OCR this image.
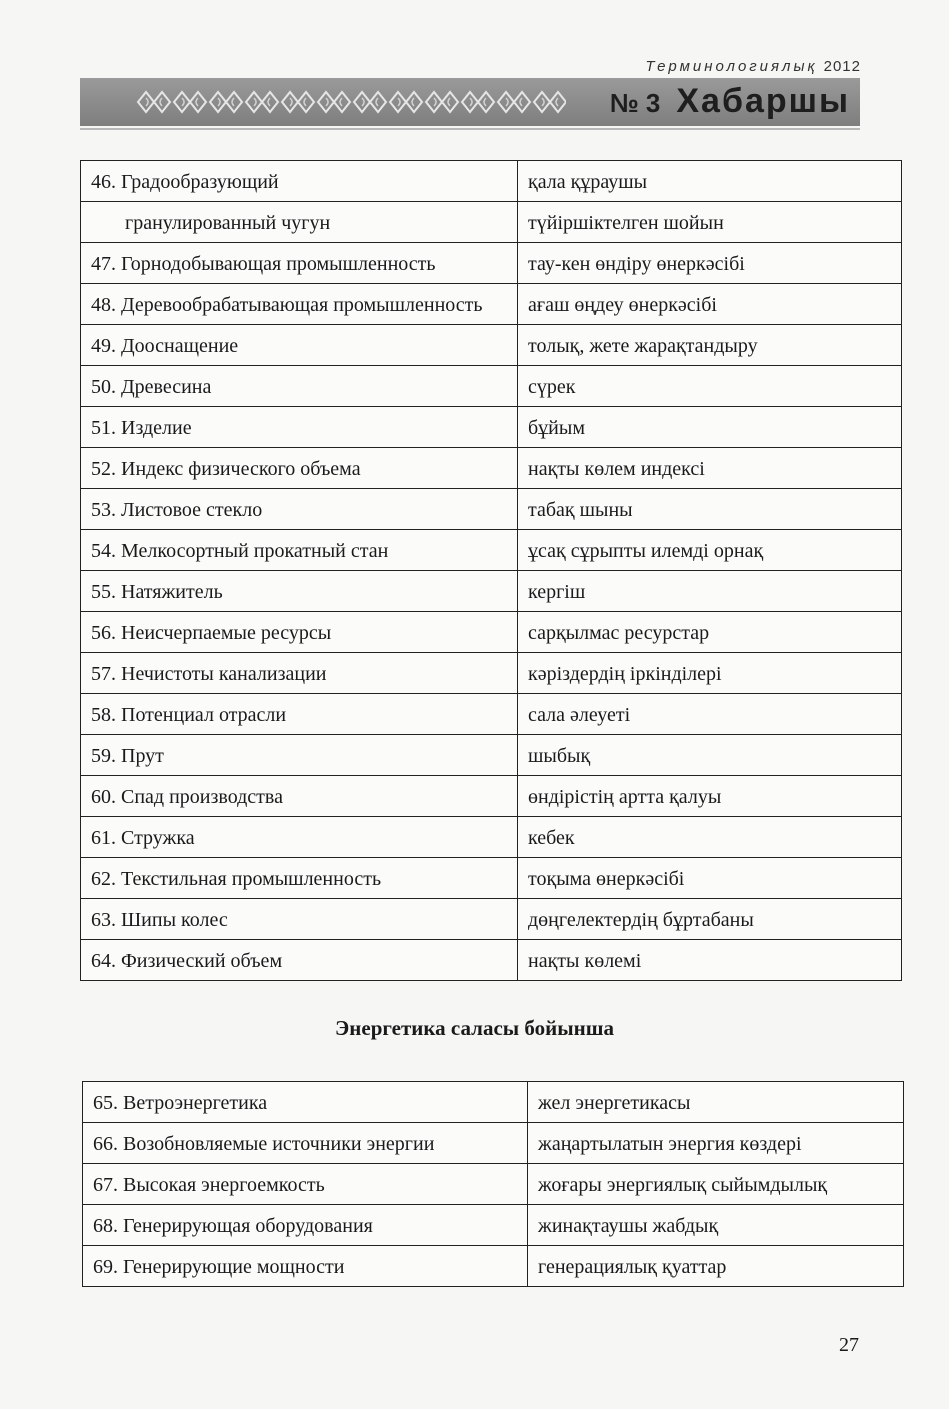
Терминологиялық 2012
№ 3 Хабаршы
46. Градообразующий	қала құраушы
гранулированный чугун	түйіршіктелген шойын
47. Горнодобывающая промышленность	тау-кен өндіру өнеркәсібі
48. Деревообрабатывающая промышленность	ағаш өңдеу өнеркәсібі
49. Дооснащение	толық, жете жарақтандыру
50. Древесина	сүрек
51. Изделие	бұйым
52. Индекс физического объема	нақты көлем индексі
53. Листовое стекло	табақ шыны
54. Мелкосортный прокатный стан	ұсақ сұрыпты илемді орнақ
55. Натяжитель	кергіш
56. Неисчерпаемые ресурсы	сарқылмас ресурстар
57. Нечистоты канализации	кәріздердің іркінділері
58. Потенциал отрасли	сала әлеуеті
59. Прут	шыбық
60. Спад производства	өндірістің артта қалуы
61. Стружка	кебек
62. Текстильная промышленность	тоқыма өнеркәсібі
63. Шипы колес	дөңгелектердің бұртабаны
64. Физический объем	нақты көлемі
Энергетика саласы бойынша
65. Ветроэнергетика	жел энергетикасы
66. Возобновляемые источники энергии	жаңартылатын энергия көздері
67. Высокая энергоемкость	жоғары энергиялық сыйымдылық
68. Генерирующая оборудования	жинақтаушы жабдық
69. Генерирующие мощности	генерациялық қуаттар
27
